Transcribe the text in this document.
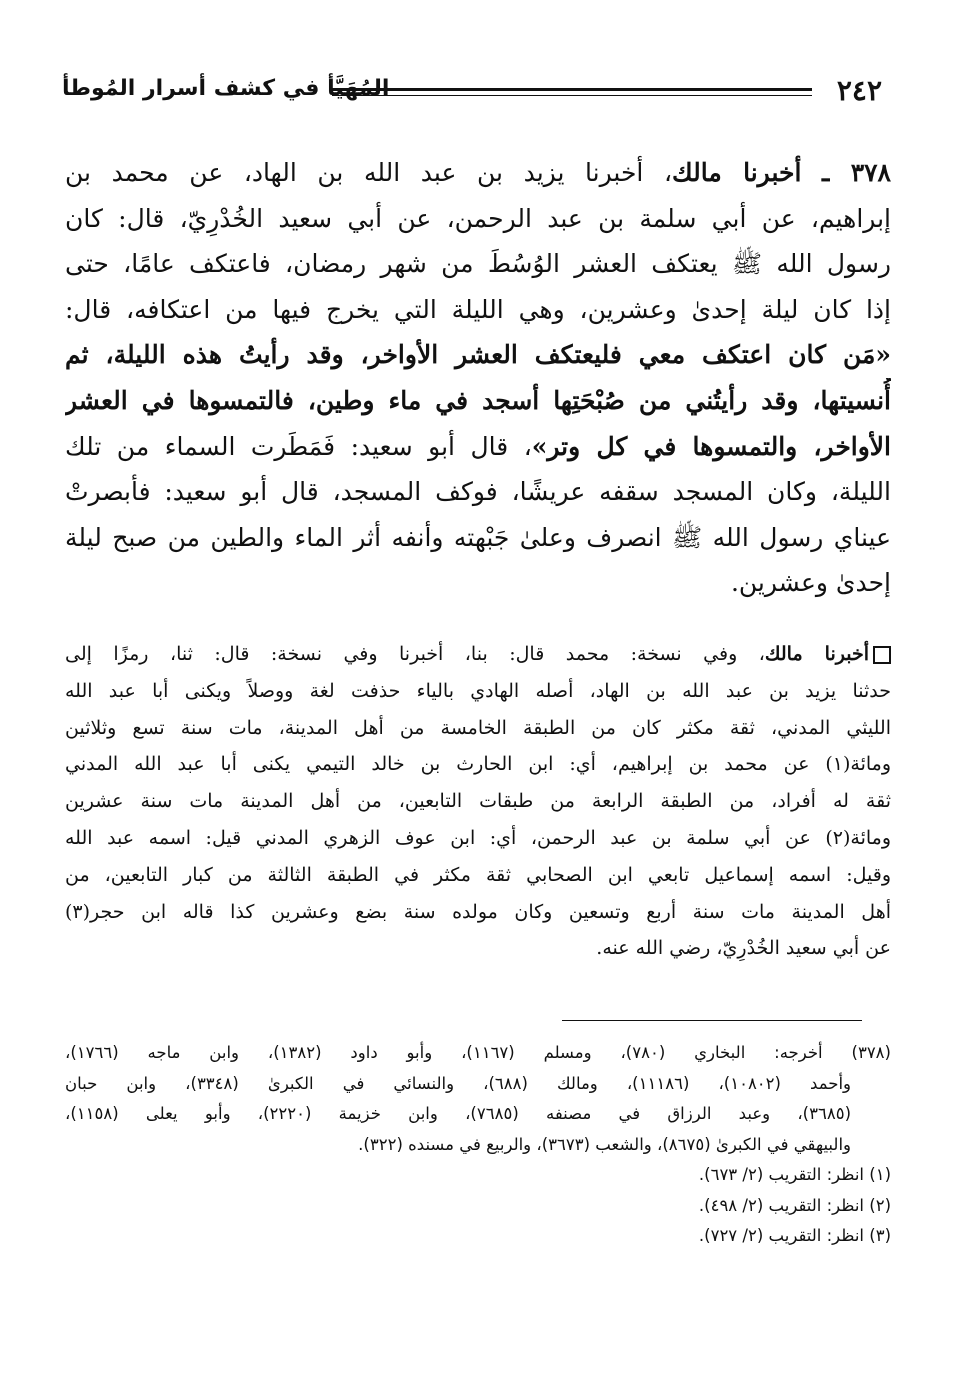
٢٤٢
المُهَيَّأ في كشف أسرار المُوطأ
٣٧٨ ـ أخبرنا مالك، أخبرنا يزيد بن عبد الله بن الهاد، عن محمد بن
إبراهيم، عن أبي سلمة بن عبد الرحمن، عن أبي سعيد الخُدْرِيّ، قال: كان
رسول الله ﷺ يعتكف العشر الوُسُطَ من شهر رمضان، فاعتكف عامًا، حتى
إذا كان ليلة إحدىٰ وعشرين، وهي الليلة التي يخرج فيها من اعتكافه، قال:
«مَن كان اعتكف معي فليعتكف العشر الأواخر، وقد رأيتُ هذه الليلة، ثم
أُنسيتها، وقد رأيتُني من صُبْحَتِها أسجد في ماء وطين، فالتمسوها في العشر
الأواخر، والتمسوها في كل وتر»، قال أبو سعيد: فَمَطَرت السماء من تلك
الليلة، وكان المسجد سقفه عريشًا، فوكف المسجد، قال أبو سعيد: فأبصرتْ
عيناي رسول الله ﷺ انصرف وعلىٰ جَبْهته وأنفه أثر الماء والطين من صبح ليلة
إحدىٰ وعشرين.
أخبرنا مالك، وفي نسخة: محمد قال: بنا، أخبرنا وفي نسخة: قال: ثنا، رمزًا إلى
حدثنا يزيد بن عبد الله بن الهاد، أصله الهادي بالياء حذفت لغة ووصلاً ويكنى أبا عبد الله
الليثي المدني، ثقة مكثر كان من الطبقة الخامسة من أهل المدينة، مات سنة تسع وثلاثين
ومائة(١) عن محمد بن إبراهيم، أي: ابن الحارث بن خالد التيمي يكنى أبا عبد الله المدني
ثقة له أفراد، من الطبقة الرابعة من طبقات التابعين، من أهل المدينة مات سنة عشرين
ومائة(٢) عن أبي سلمة بن عبد الرحمن، أي: ابن عوف الزهري المدني قيل: اسمه عبد الله
وقيل: اسمه إسماعيل تابعي ابن الصحابي ثقة مكثر في الطبقة الثالثة من كبار التابعين، من
أهل المدينة مات سنة أربع وتسعين وكان مولده سنة بضع وعشرين كذا قاله ابن حجر(٣)
عن أبي سعيد الخُدْرِيّ، رضي الله عنه.
(٣٧٨) أخرجه: البخاري (٧٨٠)، ومسلم (١١٦٧)، وأبو داود (١٣٨٢)، وابن ماجه (١٧٦٦)،
وأحمد (١٠٨٠٢)، (١١١٨٦)، ومالك (٦٨٨)، والنسائي في الكبرىٰ (٣٣٤٨)، وابن حبان
(٣٦٨٥)، وعبد الرزاق في مصنفه (٧٦٨٥)، وابن خزيمة (٢٢٢٠)، وأبو يعلى (١١٥٨)،
والبيهقي في الكبرىٰ (٨٦٧٥)، والشعب (٣٦٧٣)، والربيع في مسنده (٣٢٢).
(١) انظر: التقريب (٢/ ٦٧٣).
(٢) انظر: التقريب (٢/ ٤٩٨).
(٣) انظر: التقريب (٢/ ٧٢٧).
